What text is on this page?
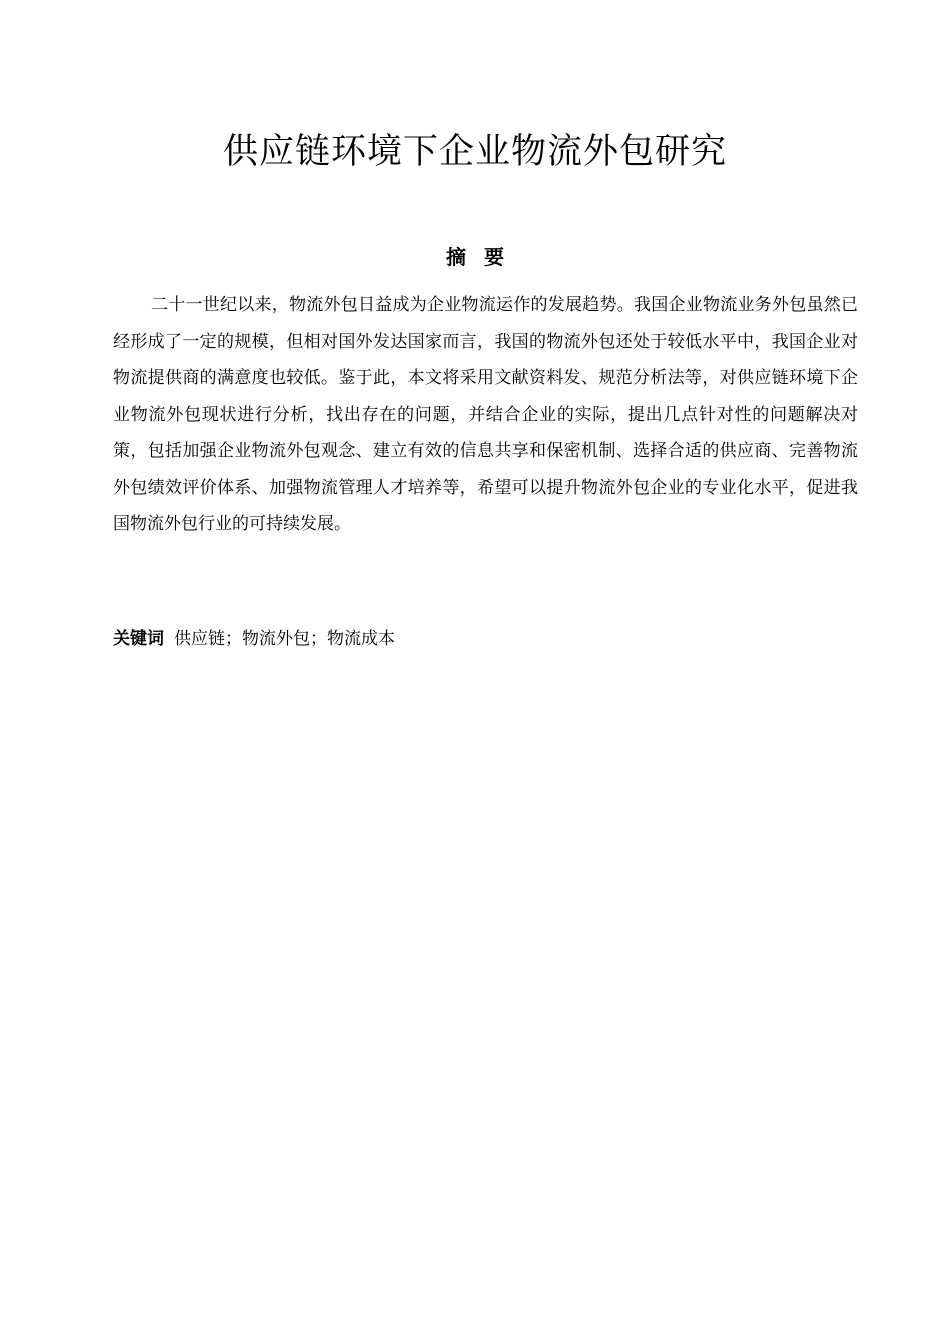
供应链环境下企业物流外包研究
摘要

二十一世纪以来，物流外包日益成为企业物流运作的发展趋势。我国企业物流业务外包虽然已经形成了一定的规模，但相对国外发达国家而言，我国的物流外包还处于较低水平中，我国企业对物流提供商的满意度也较低。鉴于此，本文将采用文献资料发、规范分析法等，对供应链环境下企业物流外包现状进行分析，找出存在的问题，并结合企业的实际，提出几点针对性的问题解决对策，包括加强企业物流外包观念、建立有效的信息共享和保密机制、选择合适的供应商、完善物流外包绩效评价体系、加强物流管理人才培养等，希望可以提升物流外包企业的专业化水平，促进我国物流外包行业的可持续发展。

关键词 供应链；物流外包；物流成本
